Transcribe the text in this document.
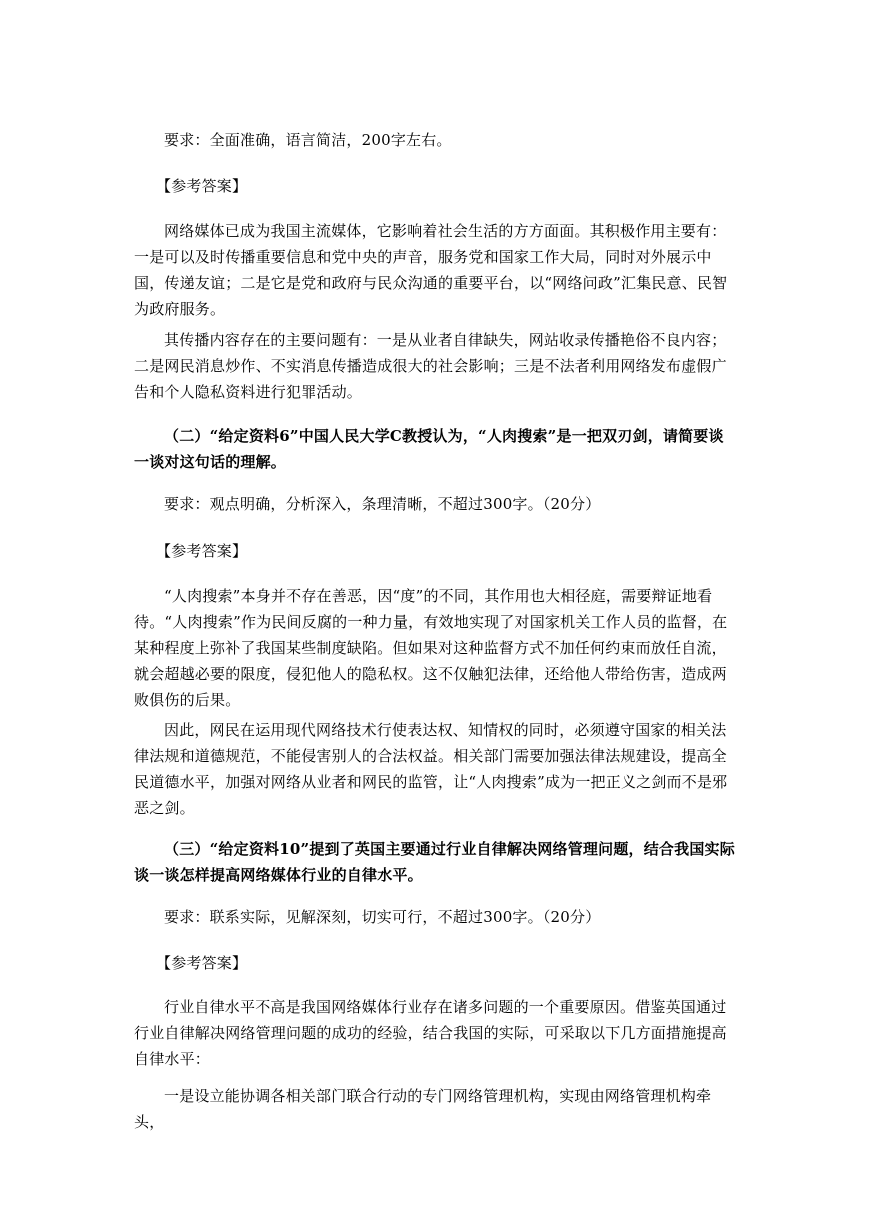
要求：全面准确，语言简洁，200字左右。

【参考答案】

网络媒体已成为我国主流媒体，它影响着社会生活的方方面面。其积极作用主要有：一是可以及时传播重要信息和党中央的声音，服务党和国家工作大局，同时对外展示中国，传递友谊；二是它是党和政府与民众沟通的重要平台，以“网络问政”汇集民意、民智为政府服务。

其传播内容存在的主要问题有：一是从业者自律缺失，网站收录传播艳俗不良内容；二是网民消息炒作、不实消息传播造成很大的社会影响；三是不法者利用网络发布虚假广告和个人隐私资料进行犯罪活动。

（二）“给定资料6”中国人民大学C教授认为，“人肉搜索”是一把双刃剑，请简要谈一谈对这句话的理解。

要求：观点明确，分析深入，条理清晰，不超过300字。（20分）

【参考答案】

“人肉搜索”本身并不存在善恶，因“度”的不同，其作用也大相径庭，需要辩证地看待。“人肉搜索”作为民间反腐的一种力量，有效地实现了对国家机关工作人员的监督，在某种程度上弥补了我国某些制度缺陷。但如果对这种监督方式不加任何约束而放任自流，就会超越必要的限度，侵犯他人的隐私权。这不仅触犯法律，还给他人带给伤害，造成两败俱伤的后果。

因此，网民在运用现代网络技术行使表达权、知情权的同时，必须遵守国家的相关法律法规和道德规范，不能侵害别人的合法权益。相关部门需要加强法律法规建设，提高全民道德水平，加强对网络从业者和网民的监管，让“人肉搜索”成为一把正义之剑而不是邪恶之剑。

（三）“给定资料10”提到了英国主要通过行业自律解决网络管理问题，结合我国实际谈一谈怎样提高网络媒体行业的自律水平。

要求：联系实际，见解深刻，切实可行，不超过300字。（20分）

【参考答案】

行业自律水平不高是我国网络媒体行业存在诸多问题的一个重要原因。借鉴英国通过行业自律解决网络管理问题的成功的经验，结合我国的实际，可采取以下几方面措施提高自律水平：

一是设立能协调各相关部门联合行动的专门网络管理机构，实现由网络管理机构牵头，
